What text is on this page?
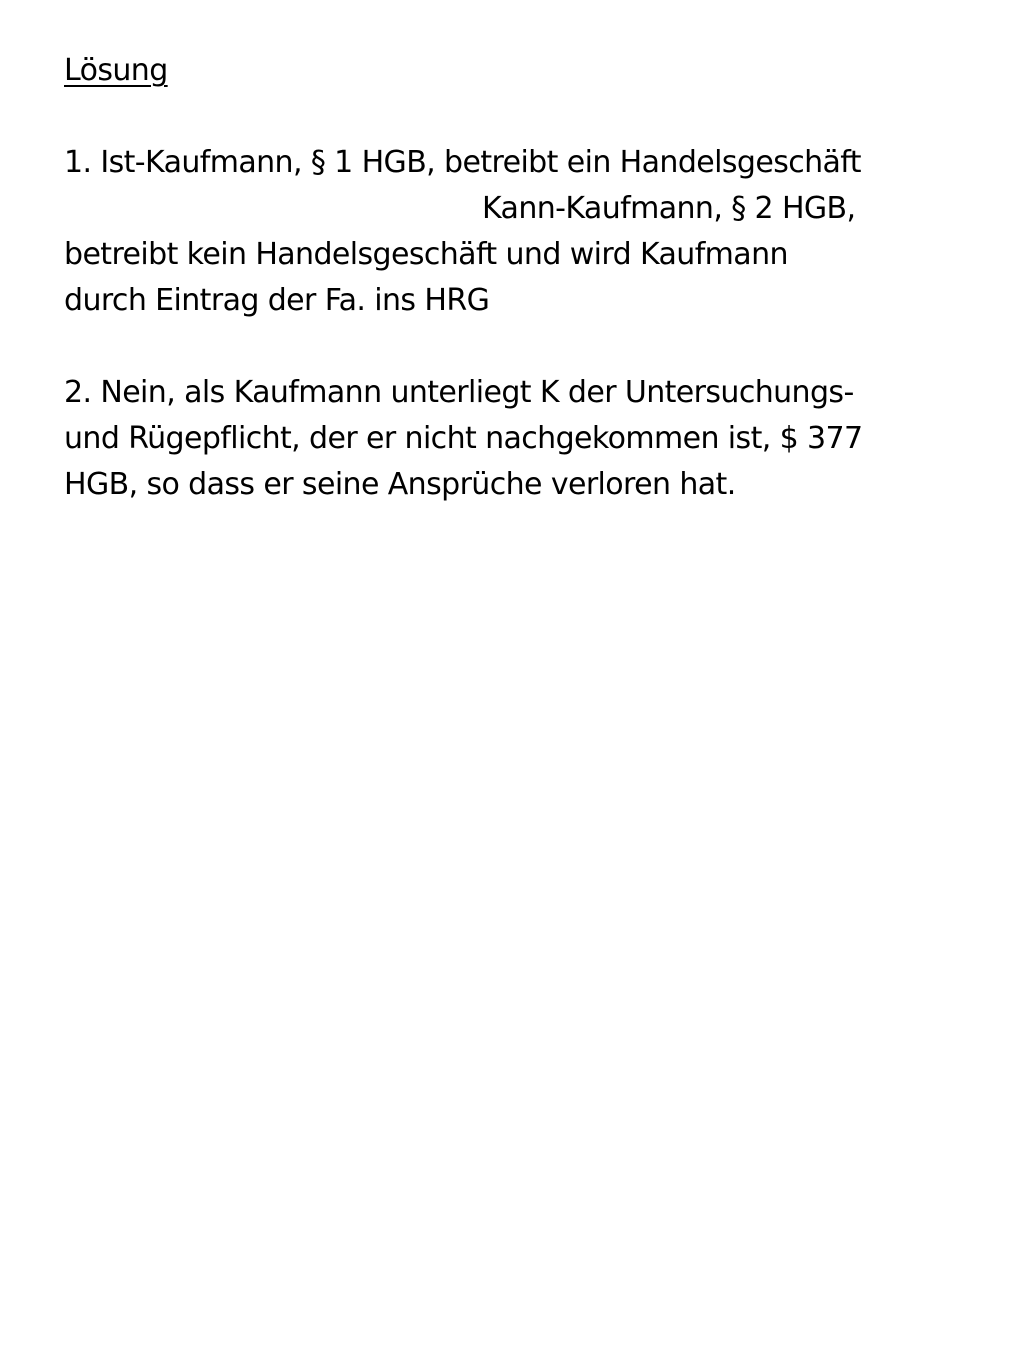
Lösung
1. Ist-Kaufmann, § 1 HGB, betreibt ein Handelsgeschäft
Kann-Kaufmann, § 2 HGB,
betreibt kein Handelsgeschäft und wird Kaufmann
durch Eintrag der Fa. ins HRG
2. Nein, als Kaufmann unterliegt K der Untersuchungs-
und Rügepflicht, der er nicht nachgekommen ist, $ 377
HGB, so dass er seine Ansprüche verloren hat.
